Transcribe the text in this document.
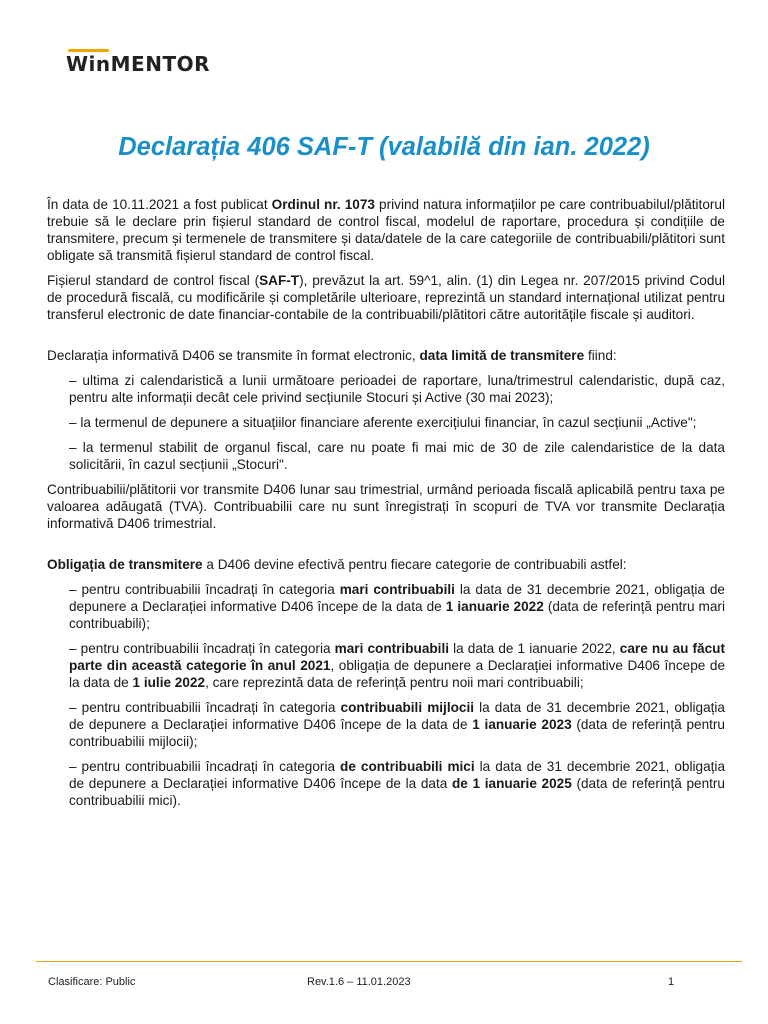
WinMENTOR
Declarația 406 SAF-T (valabilă din ian. 2022)

În data de 10.11.2021 a fost publicat Ordinul nr. 1073 privind natura informațiilor pe care contribuabilul/plătitorul trebuie să le declare prin fișierul standard de control fiscal, modelul de raportare, procedura și condițiile de transmitere, precum și termenele de transmitere și data/datele de la care categoriile de contribuabili/plătitori sunt obligate să transmită fișierul standard de control fiscal.

Fișierul standard de control fiscal (SAF-T), prevăzut la art. 59^1, alin. (1) din Legea nr. 207/2015 privind Codul de procedură fiscală, cu modificările și completările ulterioare, reprezintă un standard internațional utilizat pentru transferul electronic de date financiar-contabile de la contribuabili/plătitori către autoritățile fiscale și auditori.

Declarația informativă D406 se transmite în format electronic, data limită de transmitere fiind:

– ultima zi calendaristică a lunii următoare perioadei de raportare, luna/trimestrul calendaristic, după caz, pentru alte informații decât cele privind secțiunile Stocuri și Active (30 mai 2023);

– la termenul de depunere a situațiilor financiare aferente exercițiului financiar, în cazul secțiunii „Active";

– la termenul stabilit de organul fiscal, care nu poate fi mai mic de 30 de zile calendaristice de la data solicitării, în cazul secțiunii „Stocuri".

Contribuabilii/plătitorii vor transmite D406 lunar sau trimestrial, urmând perioada fiscală aplicabilă pentru taxa pe valoarea adăugată (TVA). Contribuabilii care nu sunt înregistrați în scopuri de TVA vor transmite Declarația informativă D406 trimestrial.

Obligația de transmitere a D406 devine efectivă pentru fiecare categorie de contribuabili astfel:

– pentru contribuabilii încadrați în categoria mari contribuabili la data de 31 decembrie 2021, obligația de depunere a Declarației informative D406 începe de la data de 1 ianuarie 2022 (data de referință pentru mari contribuabili);

– pentru contribuabilii încadrați în categoria mari contribuabili la data de 1 ianuarie 2022, care nu au făcut parte din această categorie în anul 2021, obligația de depunere a Declarației informative D406 începe de la data de 1 iulie 2022, care reprezintă data de referință pentru noii mari contribuabili;

– pentru contribuabilii încadrați în categoria contribuabili mijlocii la data de 31 decembrie 2021, obligația de depunere a Declarației informative D406 începe de la data de 1 ianuarie 2023 (data de referință pentru contribuabilii mijlocii);

– pentru contribuabilii încadrați în categoria de contribuabili mici la data de 31 decembrie 2021, obligația de depunere a Declarației informative D406 începe de la data de 1 ianuarie 2025 (data de referință pentru contribuabilii mici).

Clasificare: Public	Rev.1.6 – 11.01.2023	1
